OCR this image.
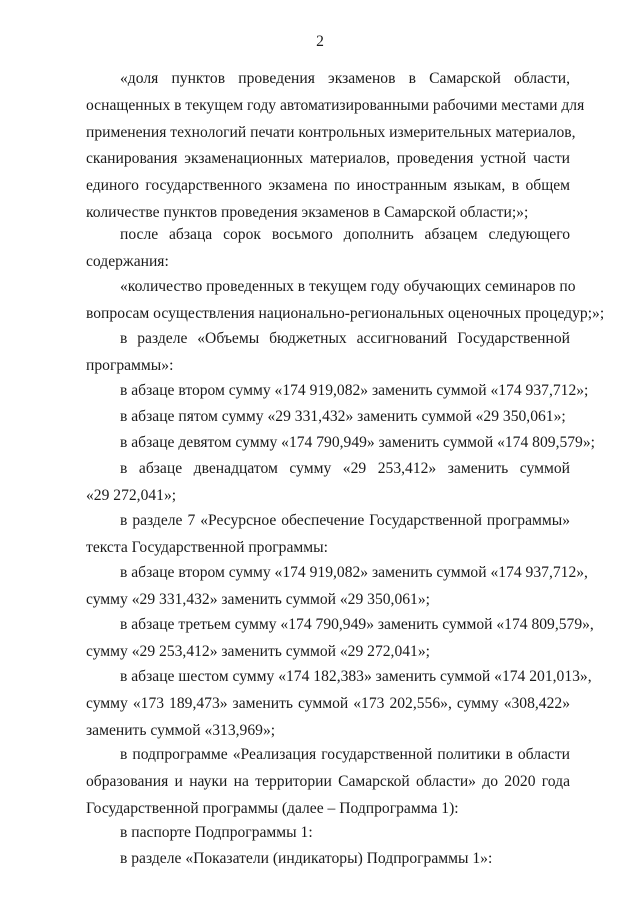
2
«доля пунктов проведения экзаменов в Самарской области,
оснащенных в текущем году автоматизированными рабочими местами для
применения технологий печати контрольных измерительных материалов,
сканирования экзаменационных материалов, проведения устной части
единого государственного экзамена по иностранным языкам, в общем
количестве пунктов проведения экзаменов в Самарской области;»;
после абзаца сорок восьмого дополнить абзацем следующего
содержания:
«количество проведенных в текущем году обучающих семинаров по
вопросам осуществления национально-региональных оценочных процедур;»;
в разделе «Объемы бюджетных ассигнований Государственной
программы»:
в абзаце втором сумму «174 919,082» заменить суммой «174 937,712»;
в абзаце пятом сумму «29 331,432» заменить суммой «29 350,061»;
в абзаце девятом сумму «174 790,949» заменить суммой «174 809,579»;
в абзаце двенадцатом сумму «29 253,412» заменить суммой
«29 272,041»;
в разделе 7 «Ресурсное обеспечение Государственной программы»
текста Государственной программы:
в абзаце втором сумму «174 919,082» заменить суммой «174 937,712»,
сумму «29 331,432» заменить суммой «29 350,061»;
в абзаце третьем сумму «174 790,949» заменить суммой «174 809,579»,
сумму «29 253,412» заменить суммой «29 272,041»;
в абзаце шестом сумму «174 182,383» заменить суммой «174 201,013»,
сумму «173 189,473» заменить суммой «173 202,556», сумму «308,422»
заменить суммой «313,969»;
в подпрограмме «Реализация государственной политики в области
образования и науки на территории Самарской области» до 2020 года
Государственной программы (далее – Подпрограмма 1):
в паспорте Подпрограммы 1:
в разделе «Показатели (индикаторы) Подпрограммы 1»:
